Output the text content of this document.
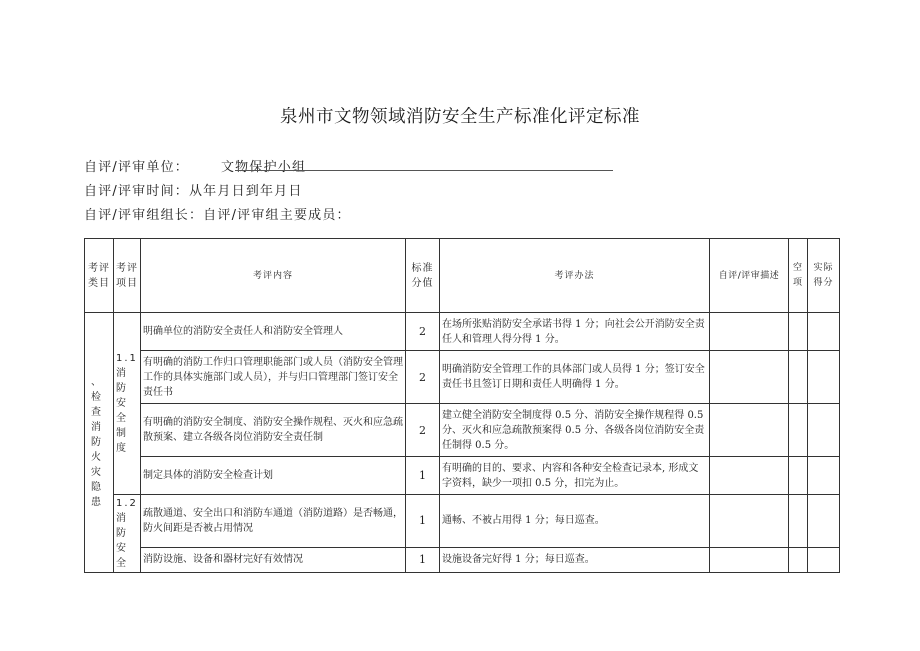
泉州市文物领域消防安全生产标准化评定标准
自评/评审单位： 文物保护小组
自评/评审时间：从年月日到年月日
自评/评审组组长：自评/评审组主要成员：
考评类目	考评项目	考评内容	标准分值	考评办法	自评/评审描述	空项	实际得分
、检查消防火灾隐患	1.1 消防安全制度	明确单位的消防安全责任人和消防安全管理人	2	在场所张贴消防安全承诺书得 1 分；向社会公开消防安全责任人和管理人得分得 1 分。			
		有明确的消防工作归口管理职能部门或人员（消防安全管理工作的具体实施部门或人员），并与归口管理部门签订安全责任书	2	明确消防安全管理工作的具体部门或人员得 1 分；签订安全责任书且签订日期和责任人明确得 1 分。			
		有明确的消防安全制度、消防安全操作规程、灭火和应急疏散预案、建立各级各岗位消防安全责任制	2	建立健全消防安全制度得 0.5 分、消防安全操作规程得 0.5 分、灭火和应急疏散预案得 0.5 分、各级各岗位消防安全责任制得 0.5 分。			
		制定具体的消防安全检查计划	1	有明确的目的、要求、内容和各种安全检查记录本, 形成文字资料，缺少一项扣 0.5 分，扣完为止。			
	1.2 消防安全	疏散通道、安全出口和消防车通道（消防道路）是否畅通，防火间距是否被占用情况	1	通畅、不被占用得 1 分；每日巡查。			
		消防设施、设备和器材完好有效情况	1	设施设备完好得 1 分；每日巡查。			
